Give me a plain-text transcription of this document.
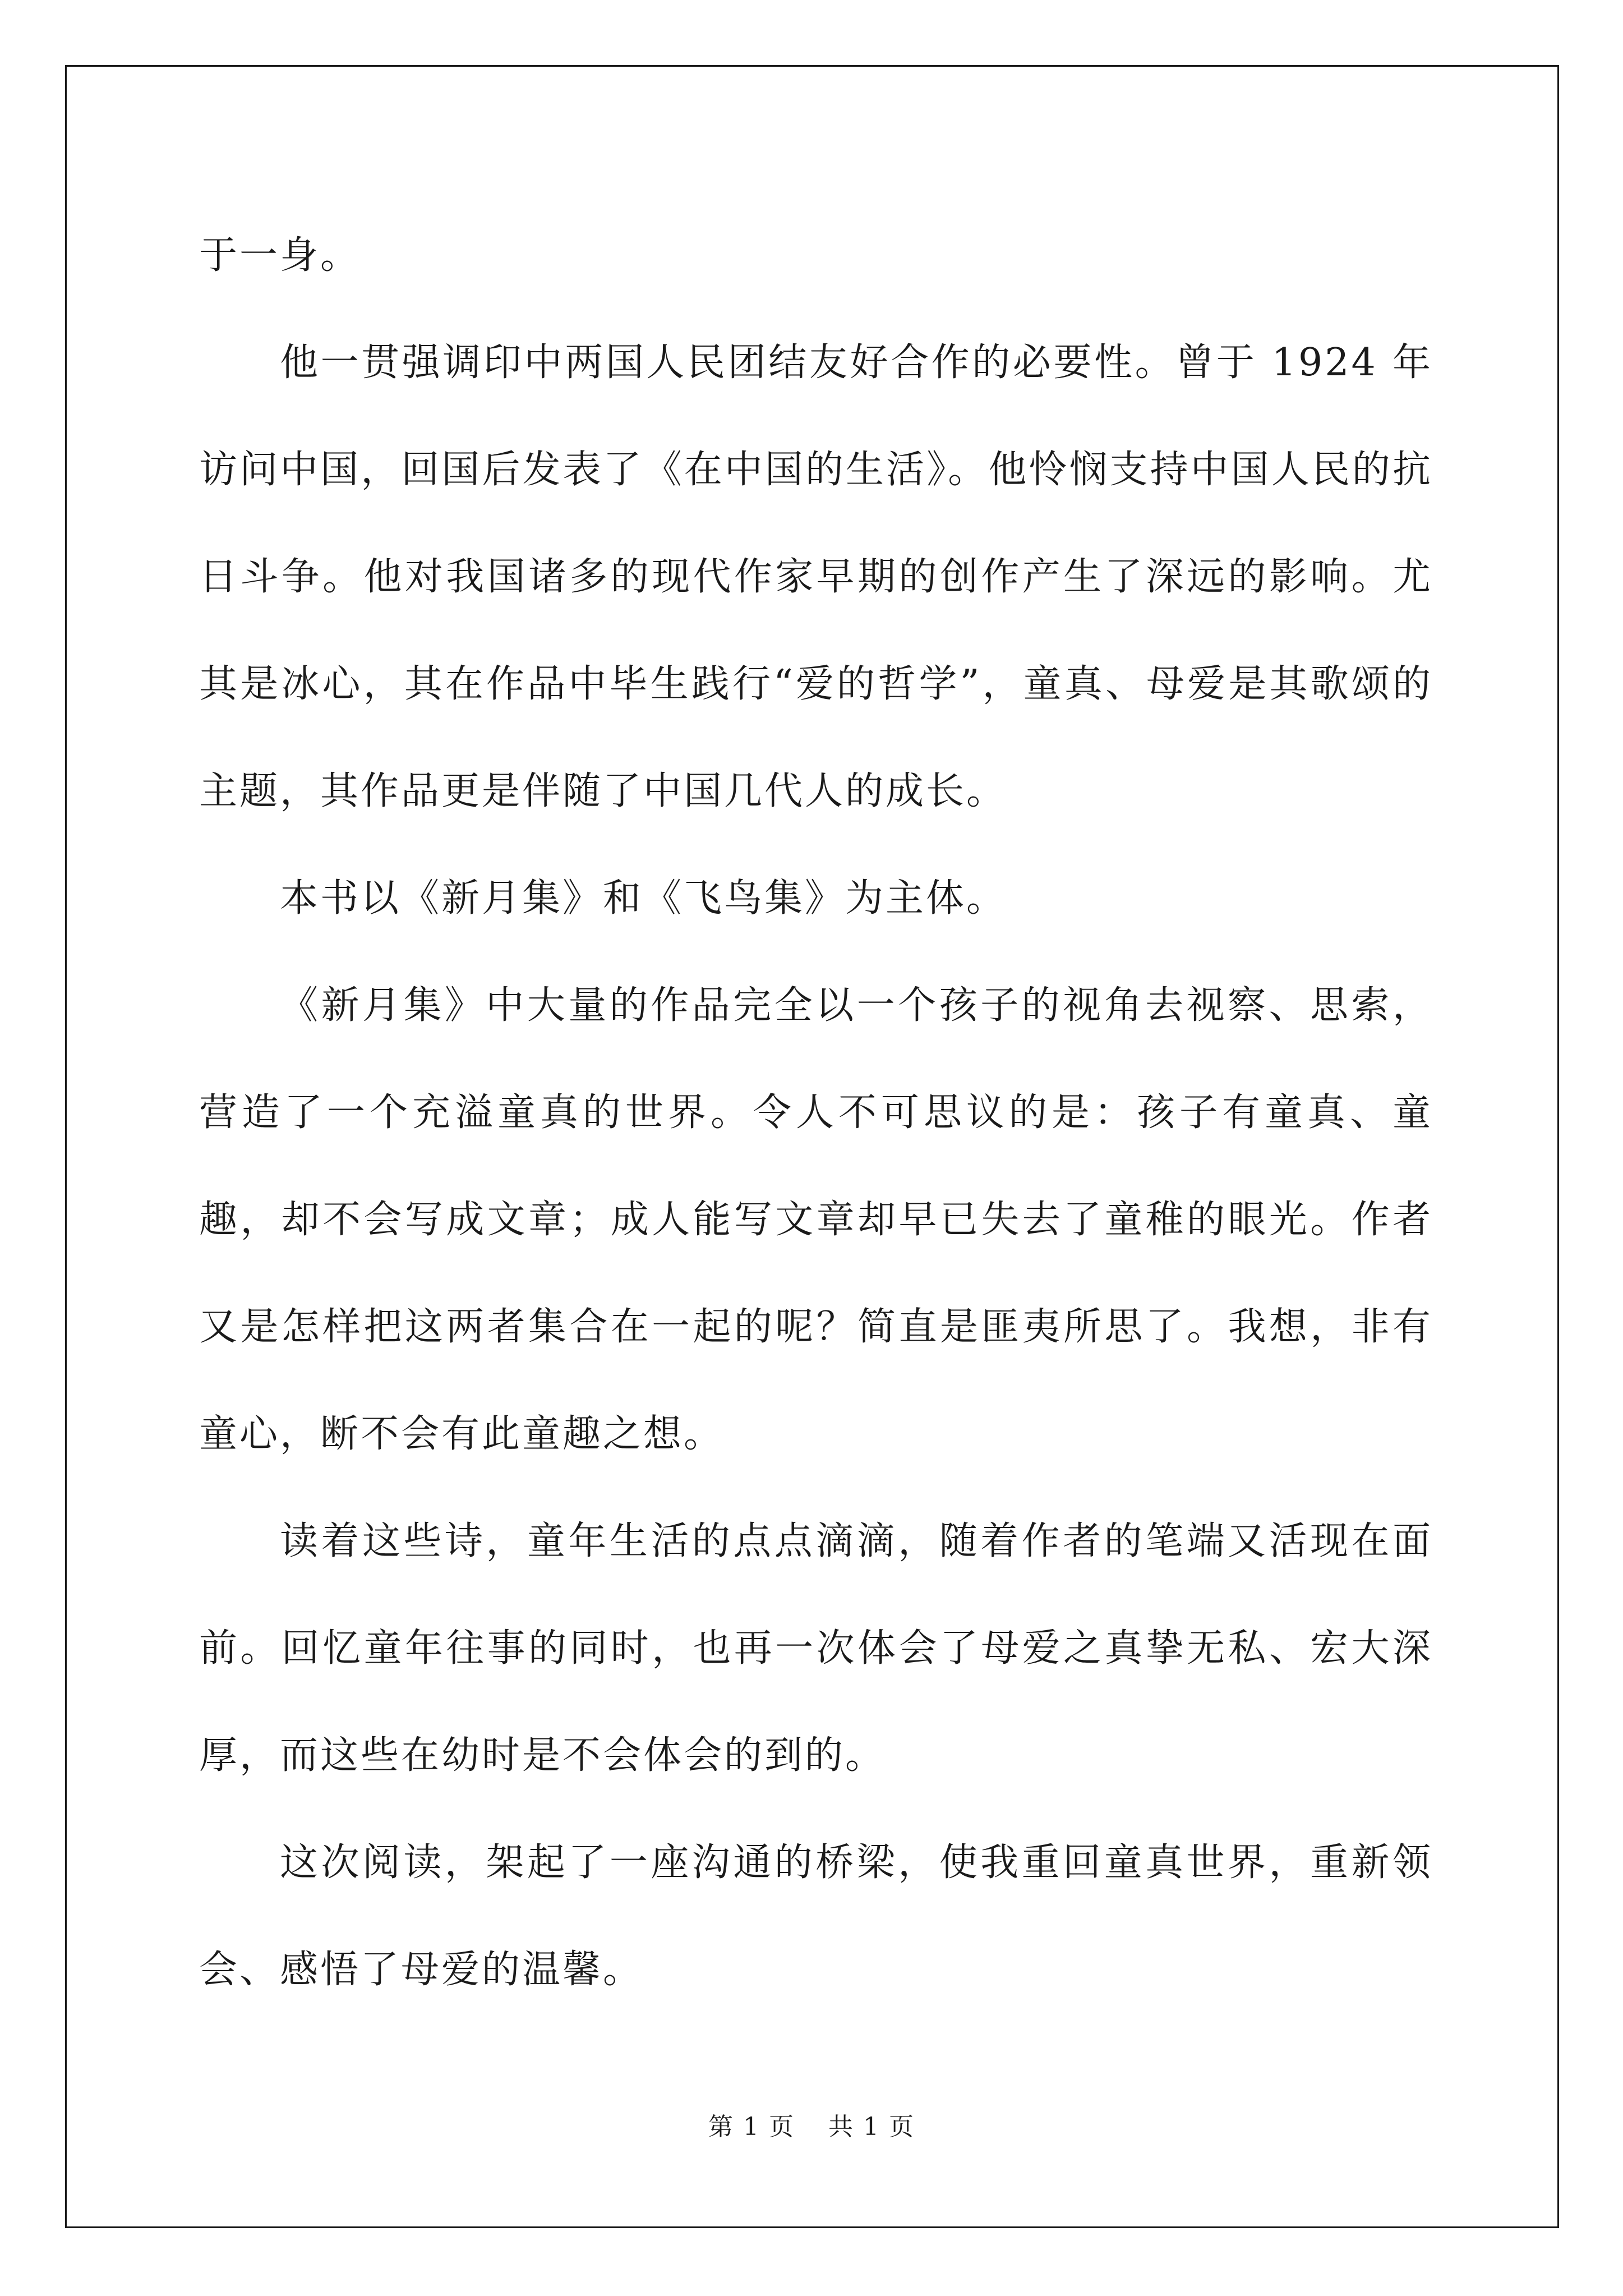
于一身。

他一贯强调印中两国人民团结友好合作的必要性。曾于 1924 年访问中国，回国后发表了《在中国的生活》。他怜悯支持中国人民的抗日斗争。他对我国诸多的现代作家早期的创作产生了深远的影响。尤其是冰心，其在作品中毕生践行“爱的哲学”，童真、母爱是其歌颂的主题，其作品更是伴随了中国几代人的成长。

本书以《新月集》和《飞鸟集》为主体。

《新月集》中大量的作品完全以一个孩子的视角去视察、思索，营造了一个充溢童真的世界。令人不可思议的是：孩子有童真、童趣，却不会写成文章；成人能写文章却早已失去了童稚的眼光。作者又是怎样把这两者集合在一起的呢？简直是匪夷所思了。我想，非有童心，断不会有此童趣之想。

读着这些诗，童年生活的点点滴滴，随着作者的笔端又活现在面前。回忆童年往事的同时，也再一次体会了母爱之真挚无私、宏大深厚，而这些在幼时是不会体会的到的。

这次阅读，架起了一座沟通的桥梁，使我重回童真世界，重新领会、感悟了母爱的温馨。

第 1 页 共 1 页
